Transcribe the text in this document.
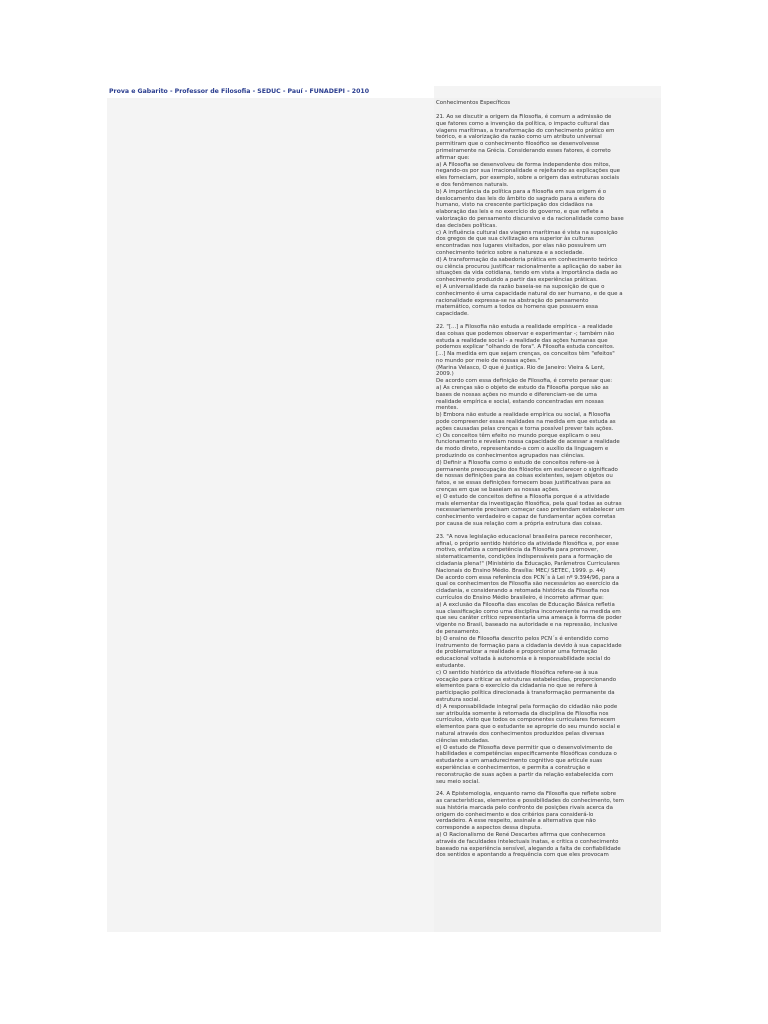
Prova e Gabarito - Professor de Filosofia - SEDUC - Pauí - FUNADEPI - 2010
Conhecimentos Específicos
21. Ao se discutir a origem da Filosofia, é comum a admissão de
que fatores como a invenção da política, o impacto cultural das
viagens marítimas, a transformação do conhecimento prático em
teórico, e a valorização da razão como um atributo universal
permitiram que o conhecimento filosófico se desenvolvesse
primeiramente na Grécia. Considerando esses fatores, é correto
afirmar que:
a) A Filosofia se desenvolveu de forma independente dos mitos,
negando-os por sua irracionalidade e rejeitando as explicações que
eles forneciam, por exemplo, sobre a origem das estruturas sociais
e dos fenômenos naturais.
b) A importância da política para a filosofia em sua origem é o
deslocamento das leis do âmbito do sagrado para a esfera do
humano, visto na crescente participação dos cidadãos na
elaboração das leis e no exercício do governo, e que reflete a
valorização do pensamento discursivo e da racionalidade como base
das decisões políticas.
c) A influência cultural das viagens marítimas é vista na suposição
dos gregos de que sua civilização era superior às culturas
encontradas nos lugares visitados, por elas não possuírem um
conhecimento teórico sobre a natureza e a sociedade.
d) A transformação da sabedoria prática em conhecimento teórico
ou ciência procurou justificar racionalmente a aplicação do saber às
situações da vida cotidiana, tendo em vista a importância dada ao
conhecimento produzido a partir das experiências práticas.
e) A universalidade da razão baseia-se na suposição de que o
conhecimento é uma capacidade natural do ser humano, e de que a
racionalidade expressa-se na abstração do pensamento
matemático, comum a todos os homens que possuem essa
capacidade.
22. "[...] a Filosofia não estuda a realidade empírica - a realidade
das coisas que podemos observar e experimentar -; também não
estuda a realidade social - a realidade das ações humanas que
podemos explicar "olhando de fora". A Filosofia estuda conceitos.
[...] Na medida em que sejam crenças, os conceitos têm "efeitos"
no mundo por meio de nossas ações."
(Marina Velasco, O que é Justiça. Rio de Janeiro: Vieira & Lent,
2009.)
De acordo com essa definição de Filosofia, é correto pensar que:
a) As crenças são o objeto de estudo da Filosofia porque são as
bases de nossas ações no mundo e diferenciam-se de uma
realidade empírica e social, estando concentradas em nossas
mentes.
b) Embora não estude a realidade empírica ou social, a Filosofia
pode compreender essas realidades na medida em que estuda as
ações causadas pelas crenças e torna possível prever tais ações.
c) Os conceitos têm efeito no mundo porque explicam o seu
funcionamento e revelam nossa capacidade de acessar a realidade
de modo direto, representando-a com o auxílio da linguagem e
produzindo os conhecimentos agrupados nas ciências.
d) Definir a Filosofia como o estudo de conceitos refere-se à
permanente preocupação dos filósofos em esclarecer o significado
de nossas definições para as coisas existentes, sejam objetos ou
fatos, e se essas definições fornecem boas justificativas para as
crenças em que se baseiam as nossas ações.
e) O estudo de conceitos define a Filosofia porque é a atividade
mais elementar da investigação filosófica, pela qual todas as outras
necessariamente precisam começar caso pretendam estabelecer um
conhecimento verdadeiro e capaz de fundamentar ações corretas
por causa de sua relação com a própria estrutura das coisas.
23. "A nova legislação educacional brasileira parece reconhecer,
afinal, o próprio sentido histórico da atividade filosófica e, por esse
motivo, enfatiza a competência da Filosofia para promover,
sistematicamente, condições indispensáveis para a formação de
cidadania plena!" (Ministério da Educação, Parâmetros Curriculares
Nacionais do Ensino Médio. Brasília: MEC/ SETEC, 1999. p. 44)
De acordo com essa referência dos PCN´s à Lei nº 9.394/96, para a
qual os conhecimentos de Filosofia são necessários ao exercício da
cidadania, e considerando a retomada histórica da Filosofia nos
currículos do Ensino Médio brasileiro, é incorreto afirmar que:
a) A exclusão da Filosofia das escolas de Educação Básica refletia
sua classificação como uma disciplina inconveniente na medida em
que seu caráter crítico representaria uma ameaça à forma de poder
vigente no Brasil, baseado na autoridade e na repressão, inclusive
de pensamento.
b) O ensino de Filosofia descrito pelos PCN´s é entendido como
instrumento de formação para a cidadania devido à sua capacidade
de problematizar a realidade e proporcionar uma formação
educacional voltada à autonomia e à responsabilidade social do
estudante.
c) O sentido histórico da atividade filosófica refere-se à sua
vocação para criticar as estruturas estabelecidas, proporcionando
elementos para o exercício da cidadania no que se refere à
participação política direcionada à transformação permanente da
estrutura social.
d) A responsabilidade integral pela formação do cidadão não pode
ser atribuída somente à retomada da disciplina de Filosofia nos
currículos, visto que todos os componentes curriculares fornecem
elementos para que o estudante se aproprie do seu mundo social e
natural através dos conhecimentos produzidos pelas diversas
ciências estudadas.
e) O estudo de Filosofia deve permitir que o desenvolvimento de
habilidades e competências especificamente filosóficas conduza o
estudante a um amadurecimento cognitivo que articule suas
experiências e conhecimentos, e permita a construção e
reconstrução de suas ações a partir da relação estabelecida com
seu meio social.
24. A Epistemologia, enquanto ramo da Filosofia que reflete sobre
as características, elementos e possibilidades do conhecimento, tem
sua história marcada pelo confronto de posições rivais acerca da
origem do conhecimento e dos critérios para considerá-lo
verdadeiro. A esse respeito, assinale a alternativa que não
corresponde a aspectos dessa disputa.
a) O Racionalismo de René Descartes afirma que conhecemos
através de faculdades intelectuais inatas, e critica o conhecimento
baseado na experiência sensível, alegando a falta de confiabilidade
dos sentidos e apontando a frequência com que eles provocam
